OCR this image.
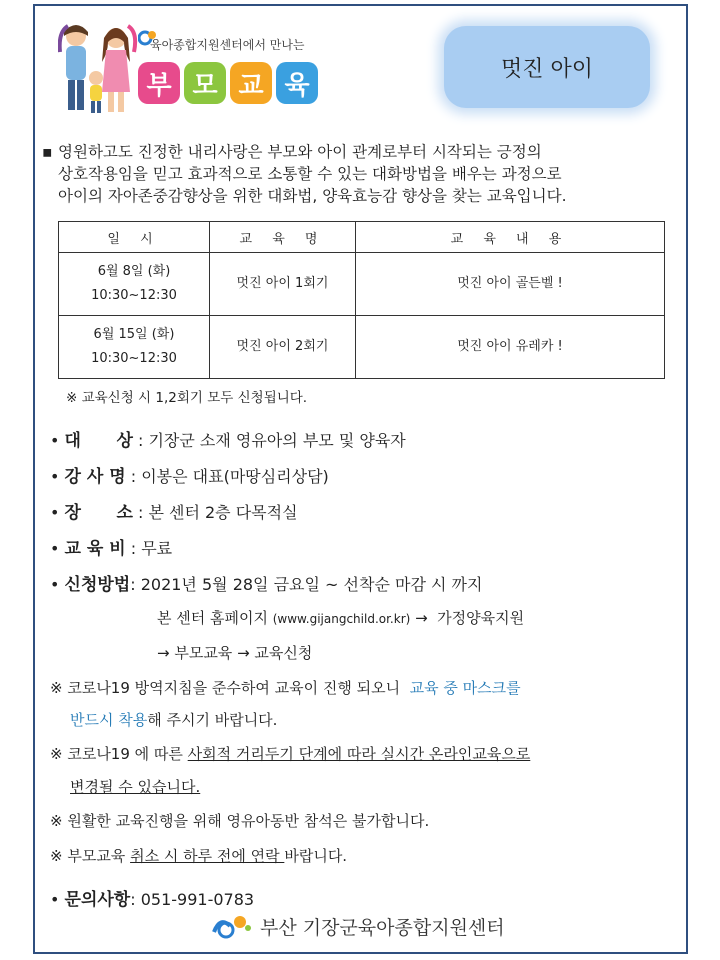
육아종합지원센터에서 만나는
부 모 교 육
멋진 아이
▪ 영원하고도 진정한 내리사랑은 부모와 아이 관계로부터 시작되는 긍정의
상호작용임을 믿고 효과적으로 소통할 수 있는 대화방법을 배우는 과정으로
아이의 자아존중감향상을 위한 대화법, 양육효능감 향상을 찾는 교육입니다.
일 시	교 육 명	교 육 내 용

6월 8일 (화)
10:30~12:30	멋진 아이 1회기	멋진 아이 골든벨 !

6월 15일 (화)
10:30~12:30	멋진 아이 2회기	멋진 아이 유레카 !
※ 교육신청 시 1,2회기 모두 신청됩니다.
• 대      상 : 기장군 소재 영유아의 부모 및 양육자
• 강 사 명 : 이봉은 대표(마땅심리상담)
• 장      소 : 본 센터 2층 다목적실
• 교 육 비 : 무료
• 신청방법: 2021년 5월 28일 금요일 ~ 선착순 마감 시 까지
본 센터 홈페이지 (www.gijangchild.or.kr) →  가정양육지원
→ 부모교육 → 교육신청
※ 코로나19 방역지침을 준수하여 교육이 진행 되오니  교육 중 마스크를
반드시 착용해 주시기 바랍니다.
※ 코로나19 에 따른 사회적 거리두기 단계에 따라 실시간 온라인교육으로
변경될 수 있습니다.
※ 원활한 교육진행을 위해 영유아동반 참석은 불가합니다.
※ 부모교육 취소 시 하루 전에 연락 바랍니다.
• 문의사항: 051-991-0783
부산 기장군육아종합지원센터
